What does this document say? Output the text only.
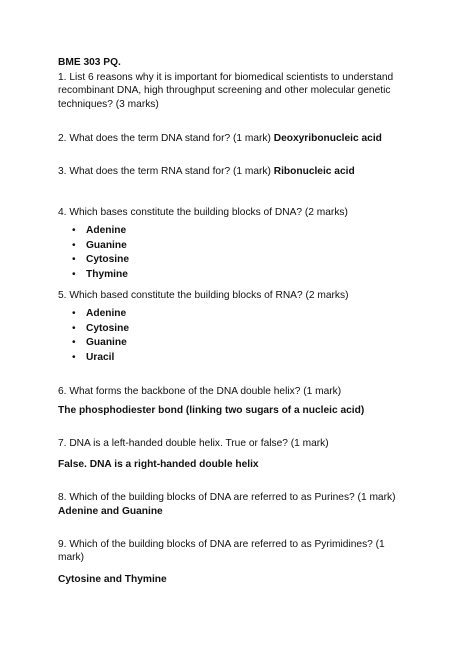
BME 303 PQ.

1. List 6 reasons why it is important for biomedical scientists to understand recombinant DNA, high throughput screening and other molecular genetic techniques? (3 marks)

2. What does the term DNA stand for? (1 mark) Deoxyribonucleic acid

3. What does the term RNA stand for? (1 mark) Ribonucleic acid

4. Which bases constitute the building blocks of DNA? (2 marks)

• Adenine
• Guanine
• Cytosine
• Thymine

5. Which based constitute the building blocks of RNA? (2 marks)

• Adenine
• Cytosine
• Guanine
• Uracil

6. What forms the backbone of the DNA double helix? (1 mark)

The phosphodiester bond (linking two sugars of a nucleic acid)

7. DNA is a left-handed double helix. True or false? (1 mark)

False. DNA is a right-handed double helix

8. Which of the building blocks of DNA are referred to as Purines? (1 mark)

Adenine and Guanine

9. Which of the building blocks of DNA are referred to as Pyrimidines? (1 mark)

Cytosine and Thymine
